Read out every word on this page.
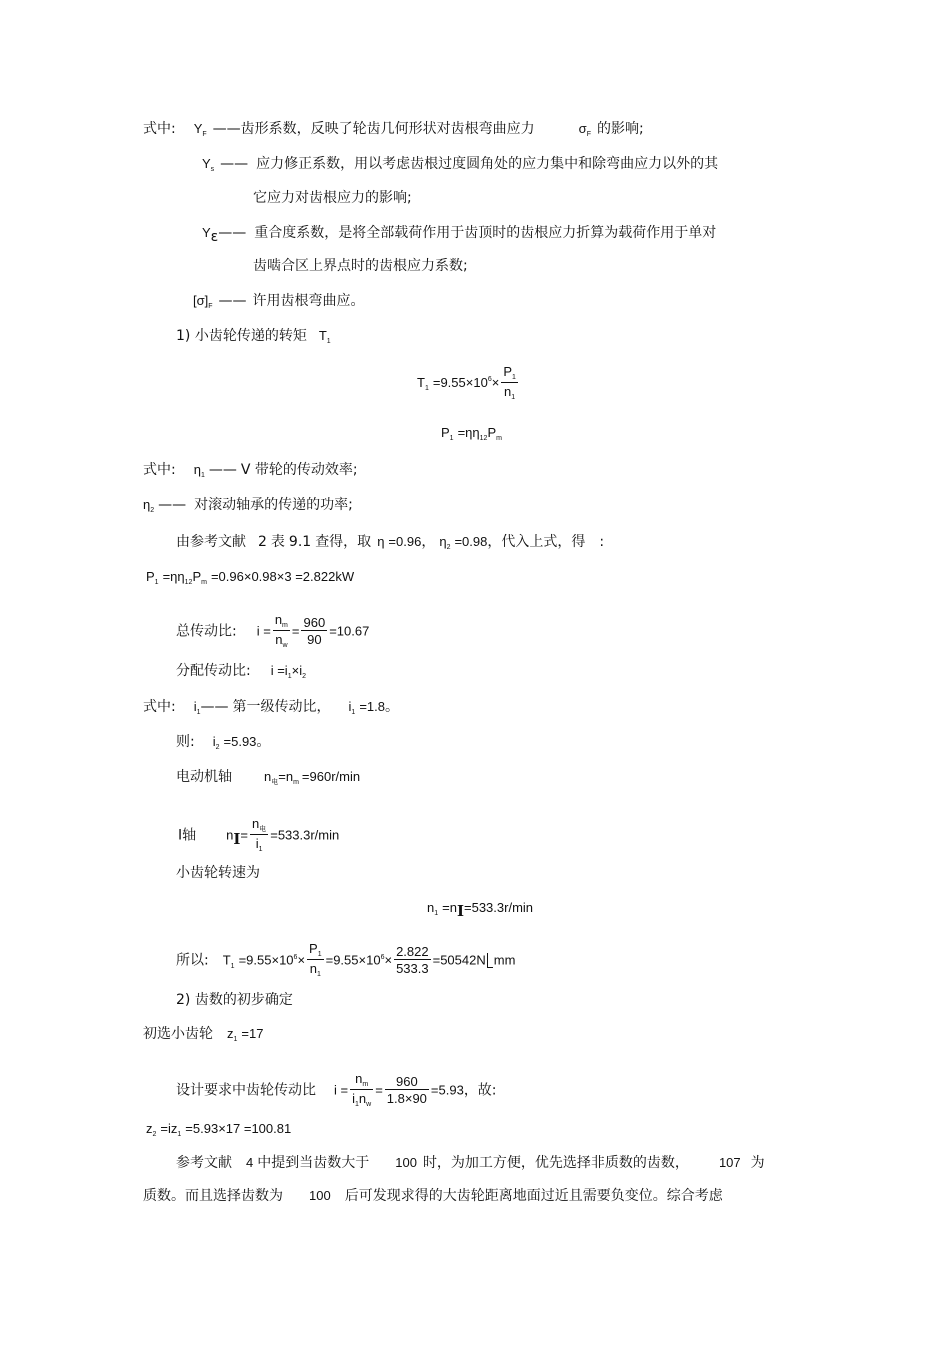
式中: $Y_F$ ——齿形系数，反映了轮齿几何形状对齿根弯曲应力	$\sigma_F$ 的影响;
$Y_s$ —— 应力修正系数，用以考虑齿根过度圆角处的应力集中和除弯曲应力以外的其
它应力对齿根应力的影响;
Yε—— 重合度系数，是将全部载荷作用于齿顶时的齿根应力折算为载荷作用于单对
齿啮合区上界点时的齿根应力系数;
$[\sigma]_F$ —— 许用齿根弯曲应。
1) 小齿轮传递的转矩 $T_1$
$T_1 =9.55\times 10^6\times \frac{P_1}{n_1}$
$P_1 =\eta\eta_{12}P_m$
式中: $\eta_1$ —— V 带轮的传动效率;
$\eta_2$ —— 对滚动轴承的传递的功率;
由参考文献 2 表 9.1 查得，取 η =0.96， $\eta_2 =0.98$，代入上式，得 :
$P_1 =\eta\eta_{12}P_m =0.96\times 0.98\times 3 =2.822kW$
总传动比: $i = \frac{n_m}{n_w} = \frac{960}{90} =10.67$
分配传动比: $i =i_1\times i_2$
式中: $i_1——$ 第一级传动比， $i_1 =1.8$。
则: $i_2 =5.93$。
电动机轴 $n_电=n_m =960r/\min$
Ⅰ轴 $nI= \frac{n_电}{i_1} =533.3r/\min$
小齿轮转速为
$n_1 =nI=533.3r/\min$
所以: $T_1 =9.55\times 10^6\times \frac{P_1}{n_1} =9.55\times 10^6\times \frac{2.822}{533.3} =50542N$ mm
2) 齿数的初步确定
初选小齿轮 $z_1 =17$
设计要求中齿轮传动比 $i = \frac{n_m}{i_1n_w} = \frac{960}{1.8\times 90} =5.93$，故:
$z_2 =iz_1 =5.93\times 17 =100.81$
参考文献 4 中提到当齿数大于 100 时，为加工方便，优先选择非质数的齿数， 107 为
质数。而且选择齿数为 100 后可发现求得的大齿轮距离地面过近且需要负变位。综合考虑
